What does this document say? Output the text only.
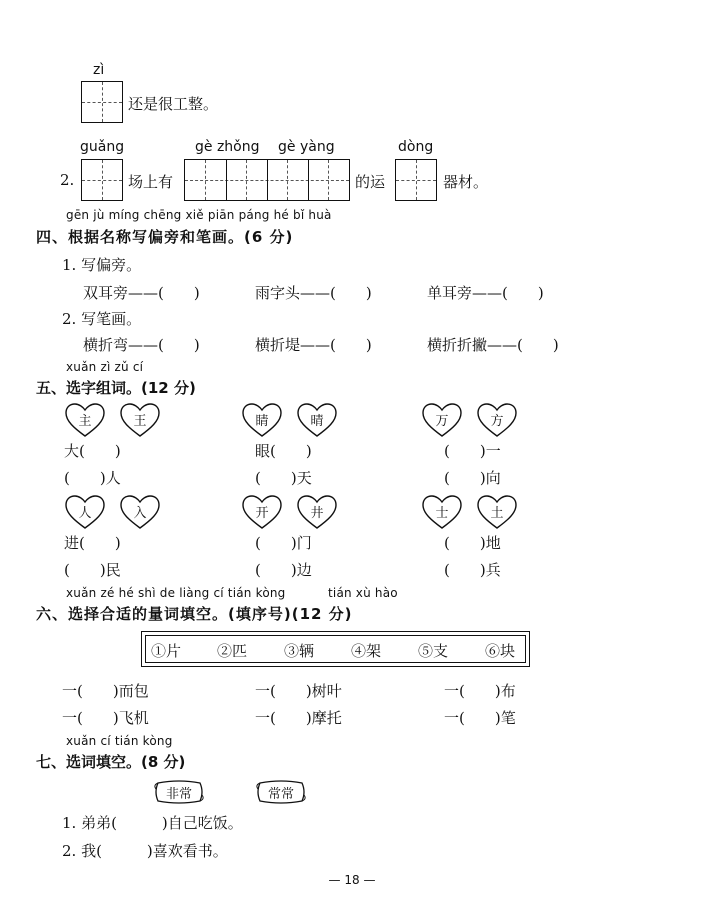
zì
还是很工整。
2.
guǎng
场上有
gè zhǒng gè yàng
的运
dòng
器材。
gēn jù míng chēng xiě piān páng hé bǐ huà
四、根据名称写偏旁和笔画。(6 分)
1. 写偏旁。
双耳旁——(　　)	雨字头——(　　)	单耳旁——(　　)
2. 写笔画。
横折弯——(　　)	横折堤——(　　)	横折折撇——(　　)
xuǎn zì zǔ cí
五、选字组词。(12 分)
主	王	睛	晴	万	方
大(　　)	眼(　　)	(　　)一
(　　)人	(　　)天	(　　)向
人	入	开	井	士	土
进(　　)	(　　)门	(　　)地
(　　)民	(　　)边	(　　)兵
xuǎn zé hé shì de liàng cí tián kòng	tián xù hào
六、选择合适的量词填空。(填序号)(12 分)
①片 ②匹 ③辆 ④架 ⑤支 ⑥块
一(　　)而包	一(　　)树叶	一(　　)布
一(　　)飞机	一(　　)摩托	一(　　)笔
xuǎn cí tián kòng
七、选词填空。(8 分)
非常	常常
1. 弟弟(　　　)自己吃饭。
2. 我(　　　)喜欢看书。
— 18 —
